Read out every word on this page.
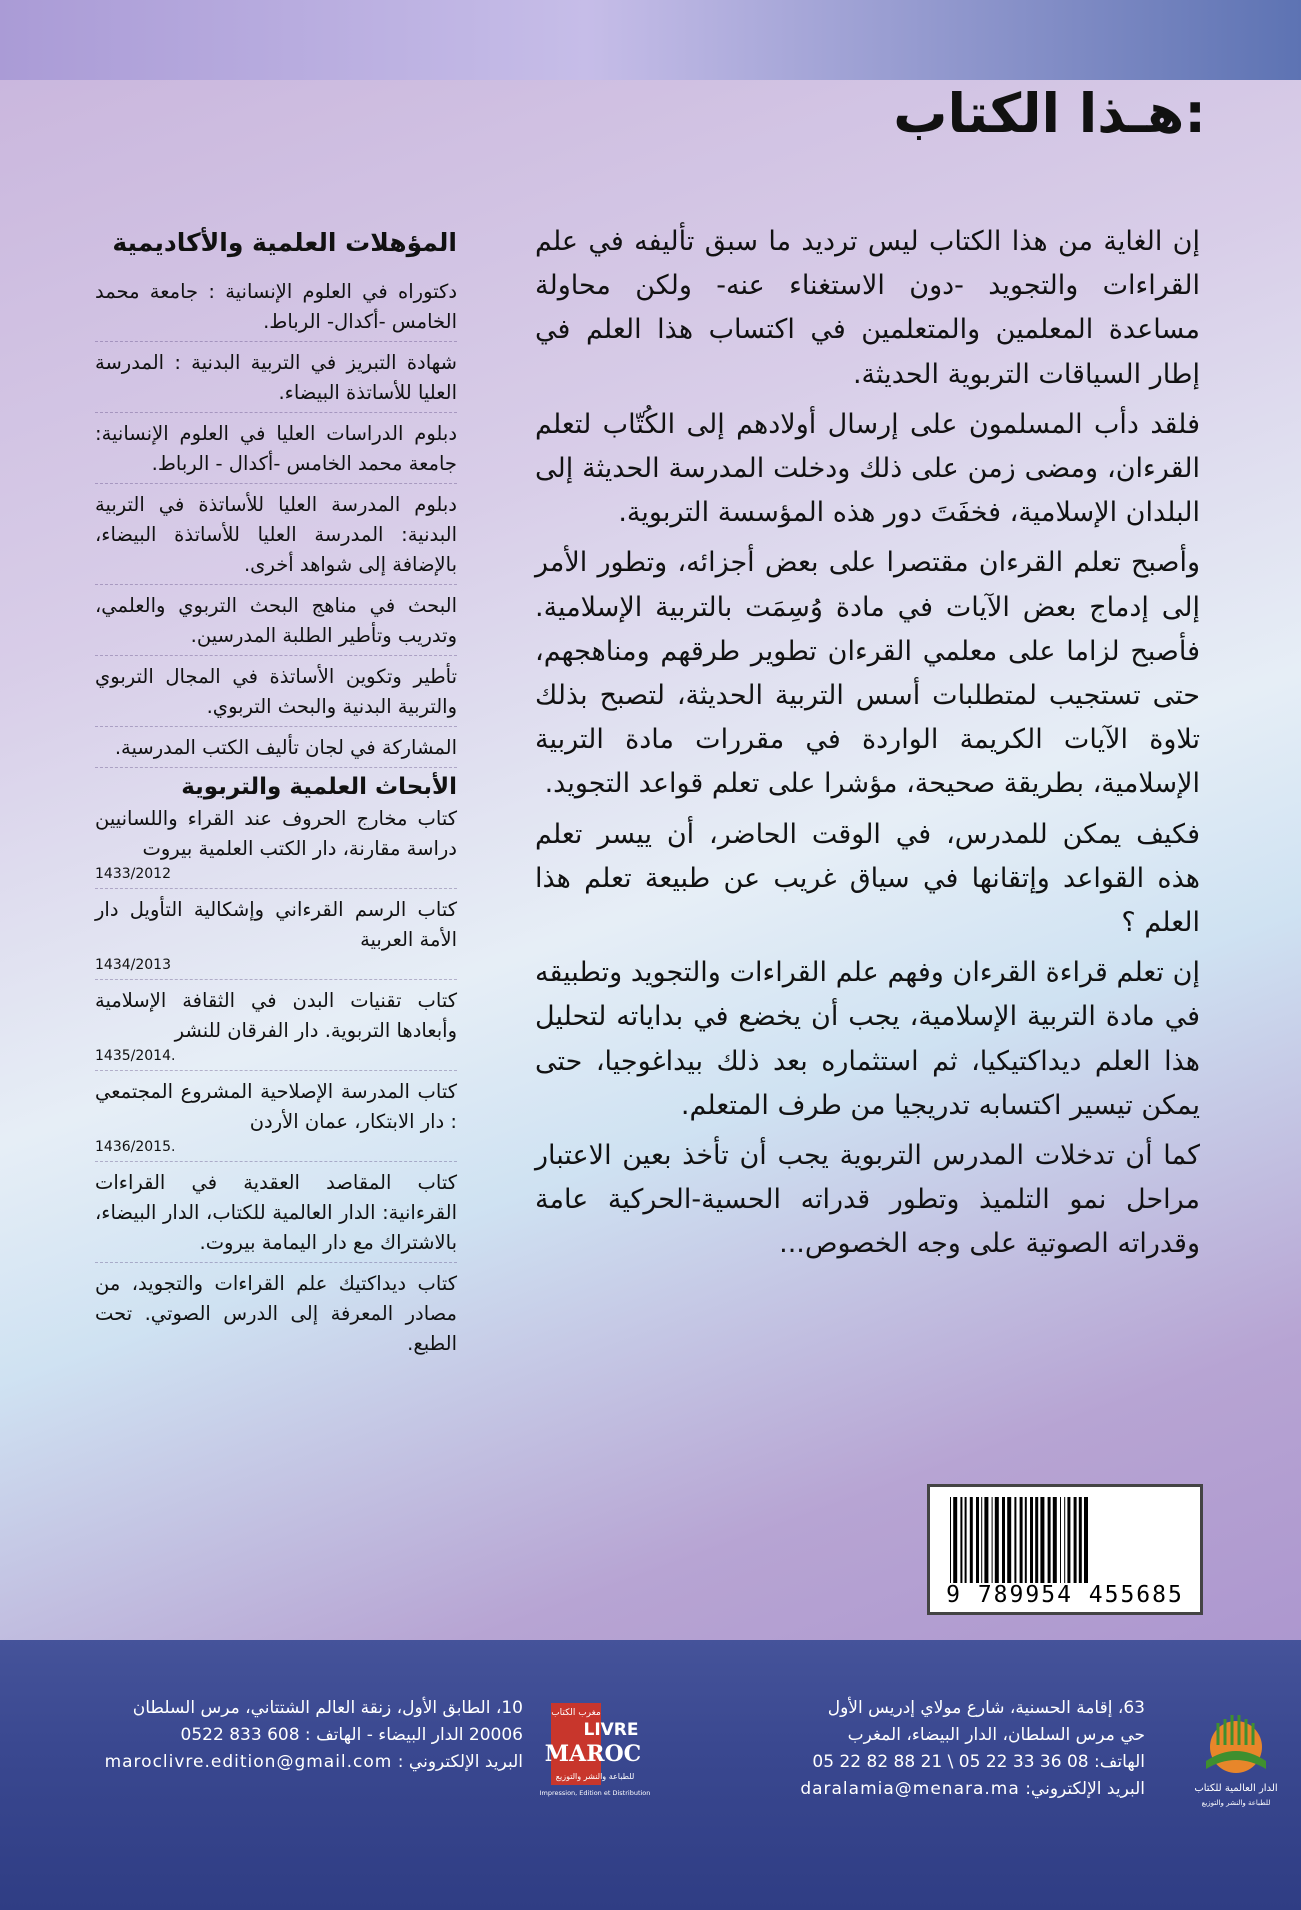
هـذا الكتاب:

إن الغاية من هذا الكتاب ليس ترديد ما سبق تأليفه في علم القراءات والتجويد -دون الاستغناء عنه- ولكن محاولة مساعدة المعلمين والمتعلمين في اكتساب هذا العلم في إطار السياقات التربوية الحديثة.

فلقد دأب المسلمون على إرسال أولادهم إلى الكُتّاب لتعلم القرءان، ومضى زمن على ذلك ودخلت المدرسة الحديثة إلى البلدان الإسلامية، فخفَتَ دور هذه المؤسسة التربوية.

وأصبح تعلم القرءان مقتصرا على بعض أجزائه، وتطور الأمر إلى إدماج بعض الآيات في مادة وُسِمَت بالتربية الإسلامية. فأصبح لزاما على معلمي القرءان تطوير طرقهم ومناهجهم، حتى تستجيب لمتطلبات أسس التربية الحديثة، لتصبح بذلك تلاوة الآيات الكريمة الواردة في مقررات مادة التربية الإسلامية، بطريقة صحيحة، مؤشرا على تعلم قواعد التجويد.

فكيف يمكن للمدرس، في الوقت الحاضر، أن ييسر تعلم هذه القواعد وإتقانها في سياق غريب عن طبيعة تعلم هذا العلم ؟

إن تعلم قراءة القرءان وفهم علم القراءات والتجويد وتطبيقه في مادة التربية الإسلامية، يجب أن يخضع في بداياته لتحليل هذا العلم ديداكتيكيا، ثم استثماره بعد ذلك بيداغوجيا، حتى يمكن تيسير اكتسابه تدريجيا من طرف المتعلم.

كما أن تدخلات المدرس التربوية يجب أن تأخذ بعين الاعتبار مراحل نمو التلميذ وتطور قدراته الحسية-الحركية عامة وقدراته الصوتية على وجه الخصوص...

المؤهلات العلمية والأكاديمية
دكتوراه في العلوم الإنسانية : جامعة محمد الخامس -أكدال- الرباط.
شهادة التبريز في التربية البدنية : المدرسة العليا للأساتذة البيضاء.
دبلوم الدراسات العليا في العلوم الإنسانية: جامعة محمد الخامس -أكدال - الرباط.
دبلوم المدرسة العليا للأساتذة في التربية البدنية: المدرسة العليا للأساتذة البيضاء، بالإضافة إلى شواهد أخرى.
البحث في مناهج البحث التربوي والعلمي، وتدريب وتأطير الطلبة المدرسين.
تأطير وتكوين الأساتذة في المجال التربوي والتربية البدنية والبحث التربوي.
المشاركة في لجان تأليف الكتب المدرسية.
الأبحاث العلمية والتربوية
كتاب مخارج الحروف عند القراء واللسانيين دراسة مقارنة، دار الكتب العلمية بيروت
1433/2012
كتاب الرسم القرءاني وإشكالية التأويل دار الأمة العربية
1434/2013
كتاب تقنيات البدن في الثقافة الإسلامية وأبعادها التربوية. دار الفرقان للنشر
1435/2014.
كتاب المدرسة الإصلاحية المشروع المجتمعي : دار الابتكار، عمان الأردن
1436/2015.
كتاب المقاصد العقدية في القراءات القرءانية: الدار العالمية للكتاب، الدار البيضاء، بالاشتراك مع دار اليمامة بيروت.
كتاب ديداكتيك علم القراءات والتجويد، من مصادر المعرفة إلى الدرس الصوتي. تحت الطبع.
9 789954 455685
الدار العالمية للكتاب
للطباعة والنشر والتوزيع
63، إقامة الحسنية، شارع مولاي إدريس الأول
حي مرس السلطان، الدار البيضاء، المغرب
الهاتف: 08 36 33 22 05 \ 21 88 82 22 05
البريد الإلكتروني: daralamia@menara.ma
مغرب الكتاب
LIVRE
MAROC
للطباعة والنشر والتوزيع
Impression, Edition et Distribution
10، الطابق الأول، زنقة العالم الشتتاني، مرس السلطان
20006 الدار البيضاء - الهاتف : 608 833 0522
البريد الإلكتروني : maroclivre.edition@gmail.com
